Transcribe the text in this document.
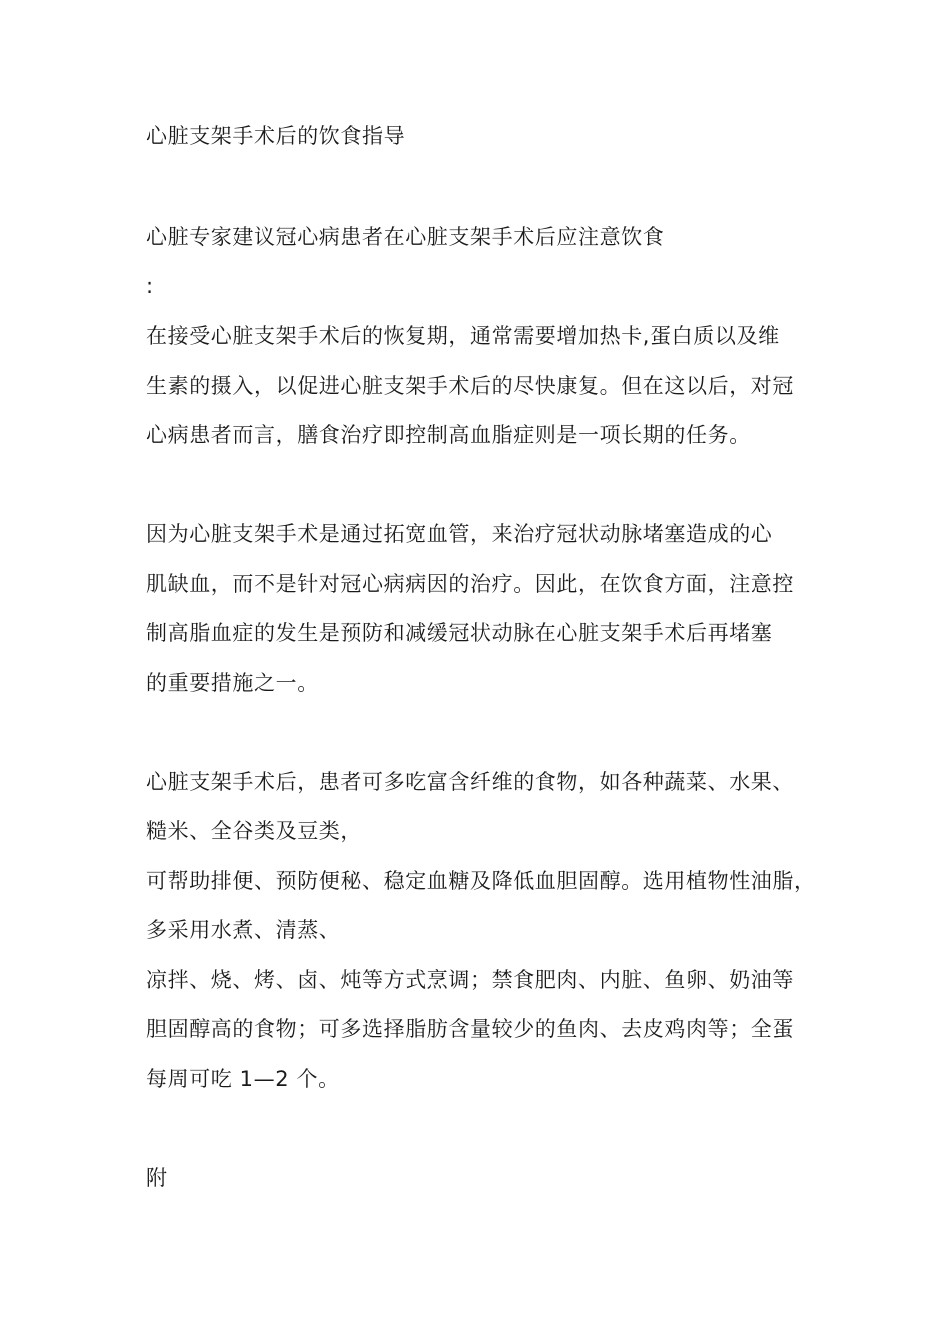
心脏支架手术后的饮食指导
心脏专家建议冠心病患者在心脏支架手术后应注意饮食
:
在接受心脏支架手术后的恢复期，通常需要增加热卡,蛋白质以及维
生素的摄入，以促进心脏支架手术后的尽快康复。但在这以后，对冠
心病患者而言，膳食治疗即控制高血脂症则是一项长期的任务。
因为心脏支架手术是通过拓宽血管，来治疗冠状动脉堵塞造成的心
肌缺血，而不是针对冠心病病因的治疗。因此，在饮食方面，注意控
制高脂血症的发生是预防和减缓冠状动脉在心脏支架手术后再堵塞
的重要措施之一。
心脏支架手术后，患者可多吃富含纤维的食物，如各种蔬菜、水果、
糙米、全谷类及豆类，
可帮助排便、预防便秘、稳定血糖及降低血胆固醇。选用植物性油脂，
多采用水煮、清蒸、
凉拌、烧、烤、卤、炖等方式烹调；禁食肥肉、内脏、鱼卵、奶油等
胆固醇高的食物；可多选择脂肪含量较少的鱼肉、去皮鸡肉等；全蛋
每周可吃 1—2 个。
附
